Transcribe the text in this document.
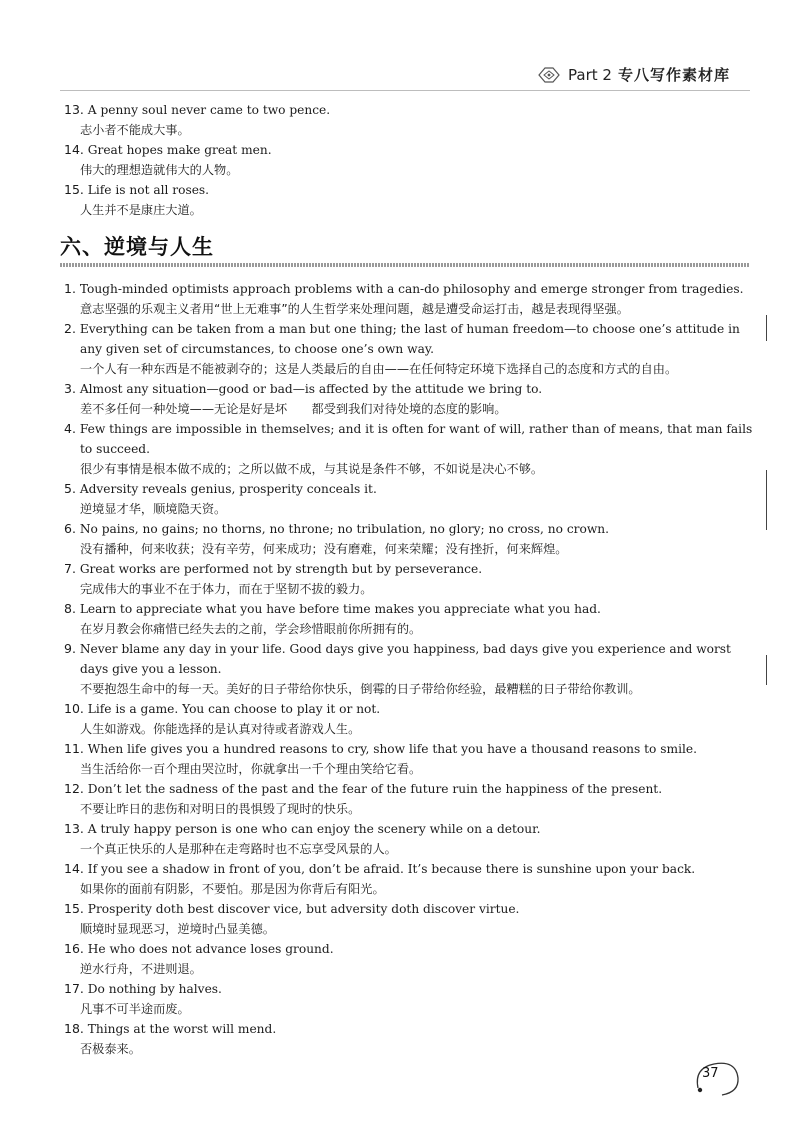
Part 2 专八写作素材库
13. A penny soul never came to two pence.
志小者不能成大事。
14. Great hopes make great men.
伟大的理想造就伟大的人物。
15. Life is not all roses.
人生并不是康庄大道。
六、逆境与人生
1. Tough-minded optimists approach problems with a can-do philosophy and emerge stronger from tragedies.
意志坚强的乐观主义者用“世上无难事”的人生哲学来处理问题，越是遭受命运打击，越是表现得坚强。
2. Everything can be taken from a man but one thing; the last of human freedom—to choose one’s attitude in any given set of circumstances, to choose one’s own way.
一个人有一种东西是不能被剥夺的；这是人类最后的自由——在任何特定环境下选择自己的态度和方式的自由。
3. Almost any situation—good or bad—is affected by the attitude we bring to.
差不多任何一种处境——无论是好是坏　　都受到我们对待处境的态度的影响。
4. Few things are impossible in themselves; and it is often for want of will, rather than of means, that man fails to succeed.
很少有事情是根本做不成的；之所以做不成，与其说是条件不够，不如说是决心不够。
5. Adversity reveals genius, prosperity conceals it.
逆境显才华，顺境隐天资。
6. No pains, no gains; no thorns, no throne; no tribulation, no glory; no cross, no crown.
没有播种，何来收获；没有辛劳，何来成功；没有磨难，何来荣耀；没有挫折，何来辉煌。
7. Great works are performed not by strength but by perseverance.
完成伟大的事业不在于体力，而在于坚韧不拔的毅力。
8. Learn to appreciate what you have before time makes you appreciate what you had.
在岁月教会你痛惜已经失去的之前，学会珍惜眼前你所拥有的。
9. Never blame any day in your life. Good days give you happiness, bad days give you experience and worst days give you a lesson.
不要抱怨生命中的每一天。美好的日子带给你快乐，倒霉的日子带给你经验，最糟糕的日子带给你教训。
10. Life is a game. You can choose to play it or not.
人生如游戏。你能选择的是认真对待或者游戏人生。
11. When life gives you a hundred reasons to cry, show life that you have a thousand reasons to smile.
当生活给你一百个理由哭泣时，你就拿出一千个理由笑给它看。
12. Don’t let the sadness of the past and the fear of the future ruin the happiness of the present.
不要让昨日的悲伤和对明日的畏惧毁了现时的快乐。
13. A truly happy person is one who can enjoy the scenery while on a detour.
一个真正快乐的人是那种在走弯路时也不忘享受风景的人。
14. If you see a shadow in front of you, don’t be afraid. It’s because there is sunshine upon your back.
如果你的面前有阴影，不要怕。那是因为你背后有阳光。
15. Prosperity doth best discover vice, but adversity doth discover virtue.
顺境时显现恶习，逆境时凸显美德。
16. He who does not advance loses ground.
逆水行舟，不进则退。
17. Do nothing by halves.
凡事不可半途而废。
18. Things at the worst will mend.
否极泰来。
37
